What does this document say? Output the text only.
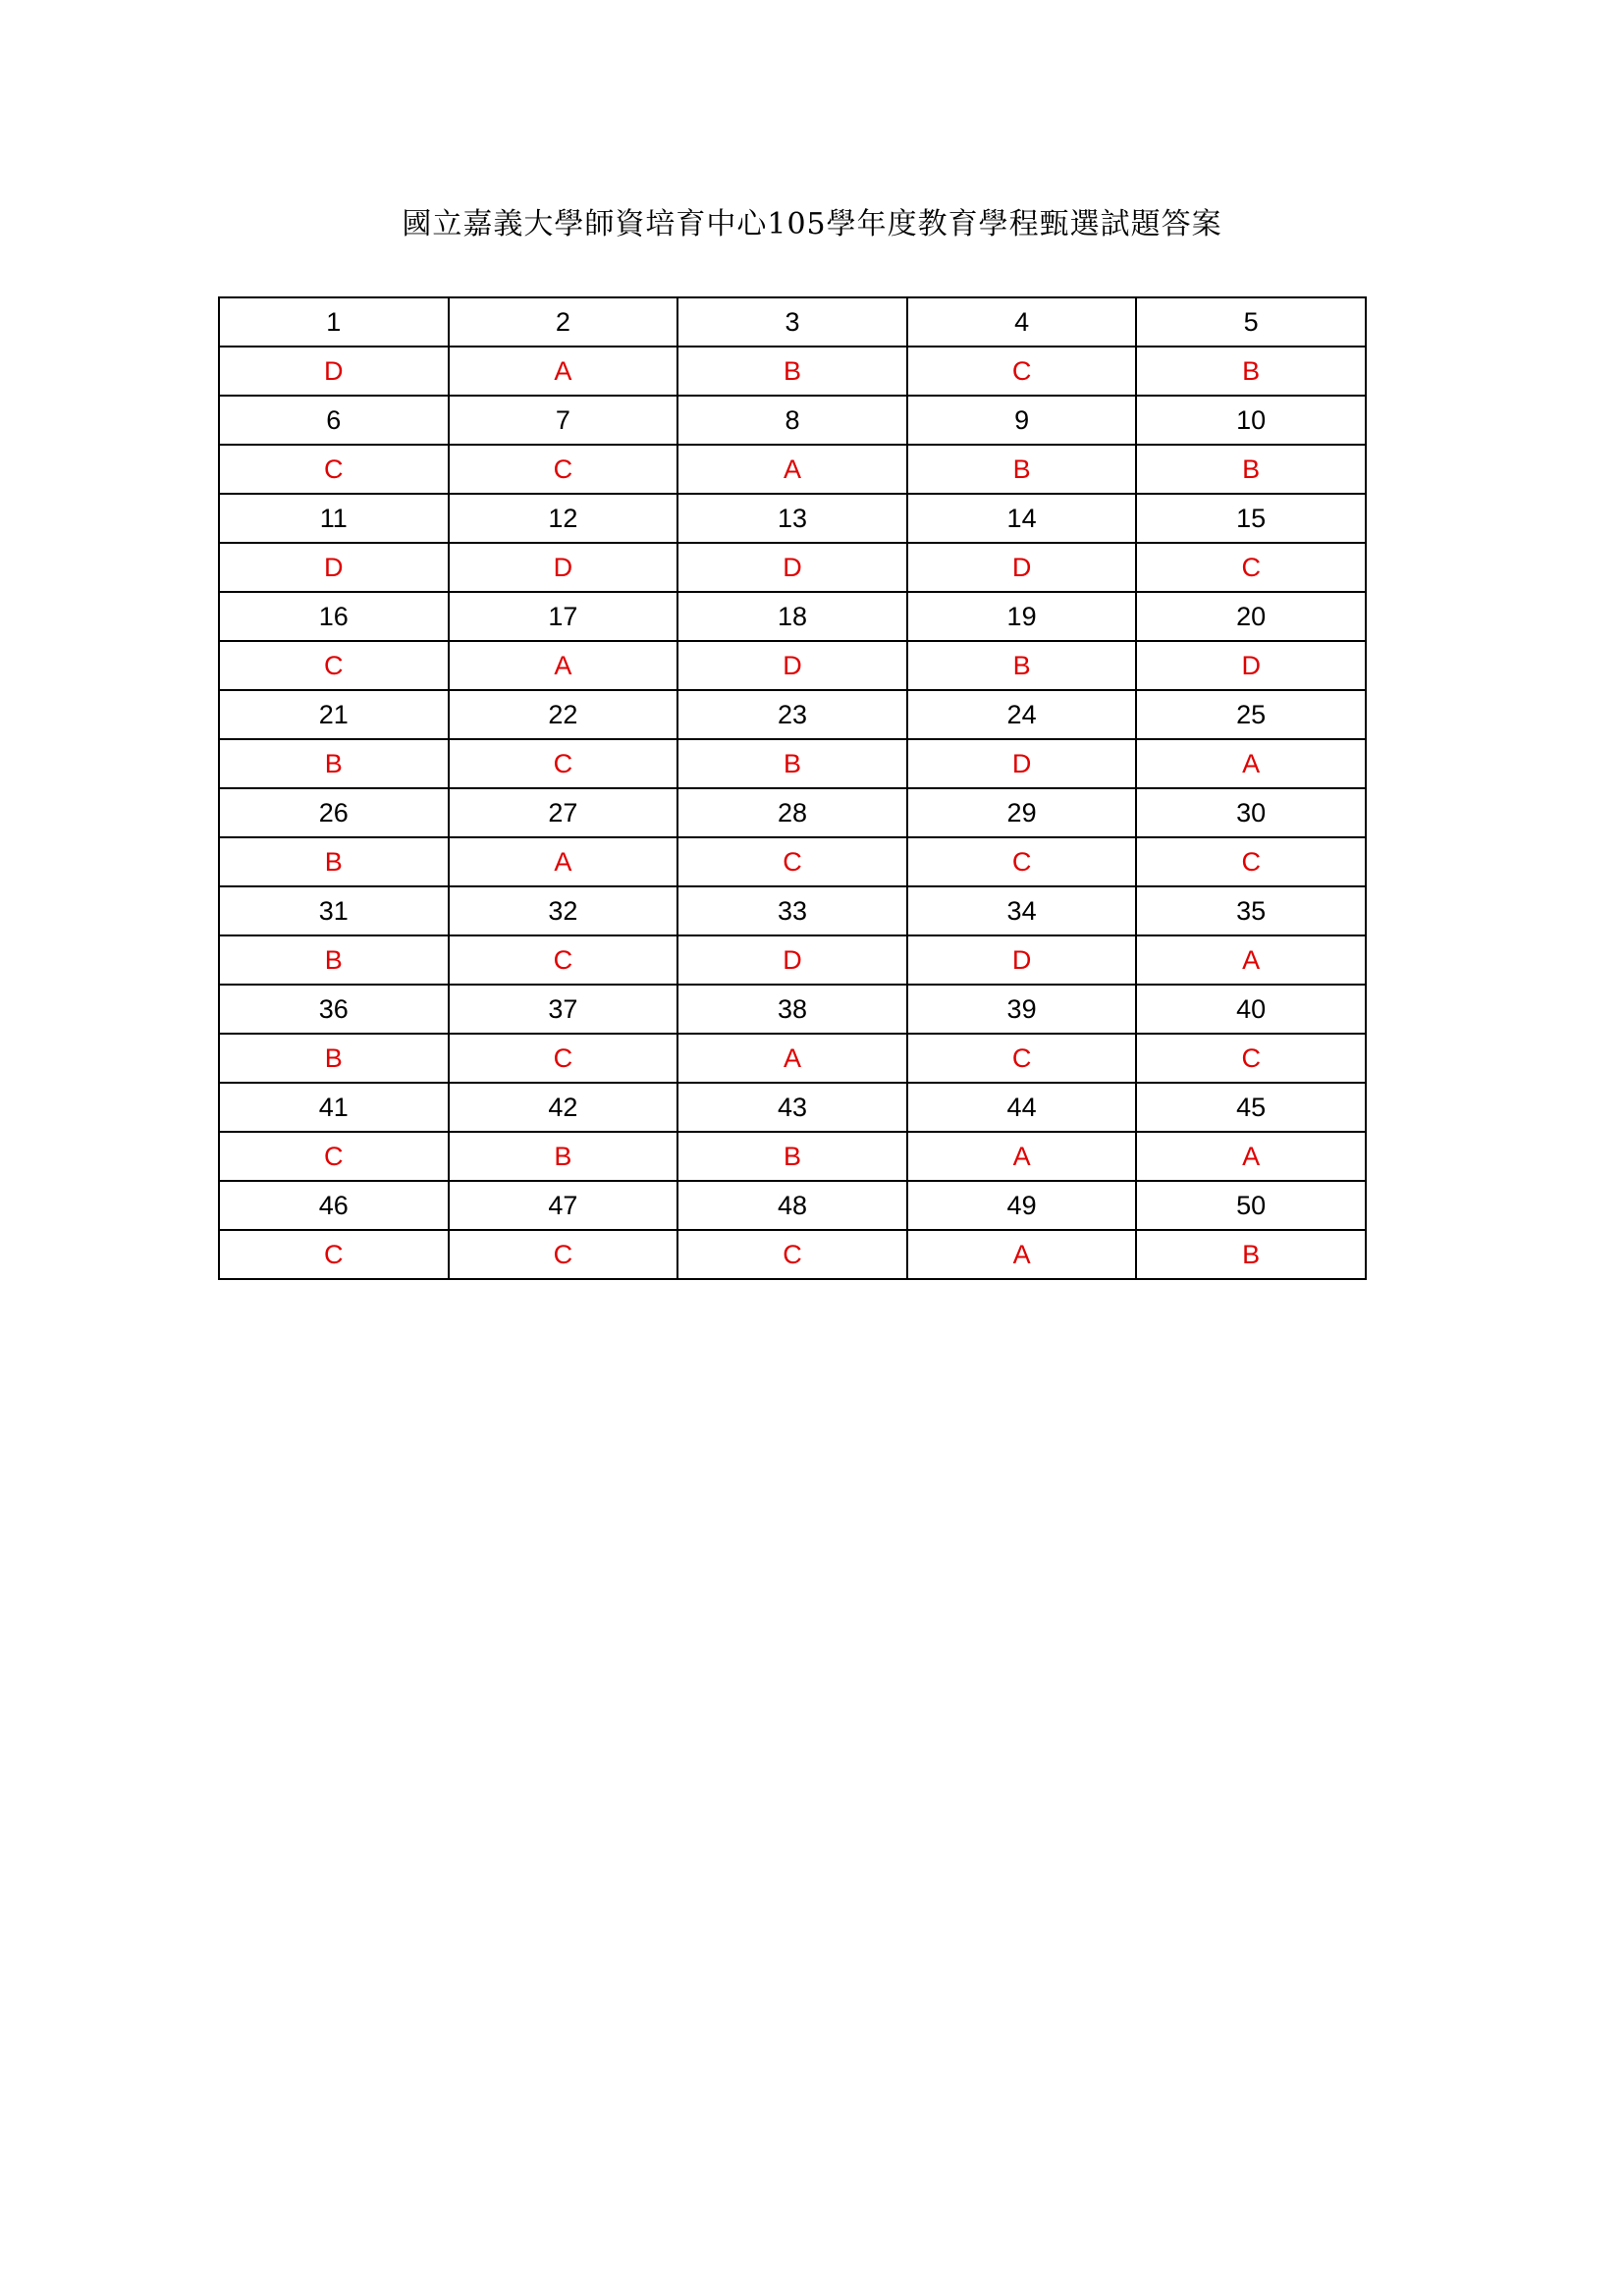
國立嘉義大學師資培育中心105學年度教育學程甄選試題答案
1	2	3	4	5
D	A	B	C	B
6	7	8	9	10
C	C	A	B	B
11	12	13	14	15
D	D	D	D	C
16	17	18	19	20
C	A	D	B	D
21	22	23	24	25
B	C	B	D	A
26	27	28	29	30
B	A	C	C	C
31	32	33	34	35
B	C	D	D	A
36	37	38	39	40
B	C	A	C	C
41	42	43	44	45
C	B	B	A	A
46	47	48	49	50
C	C	C	A	B
